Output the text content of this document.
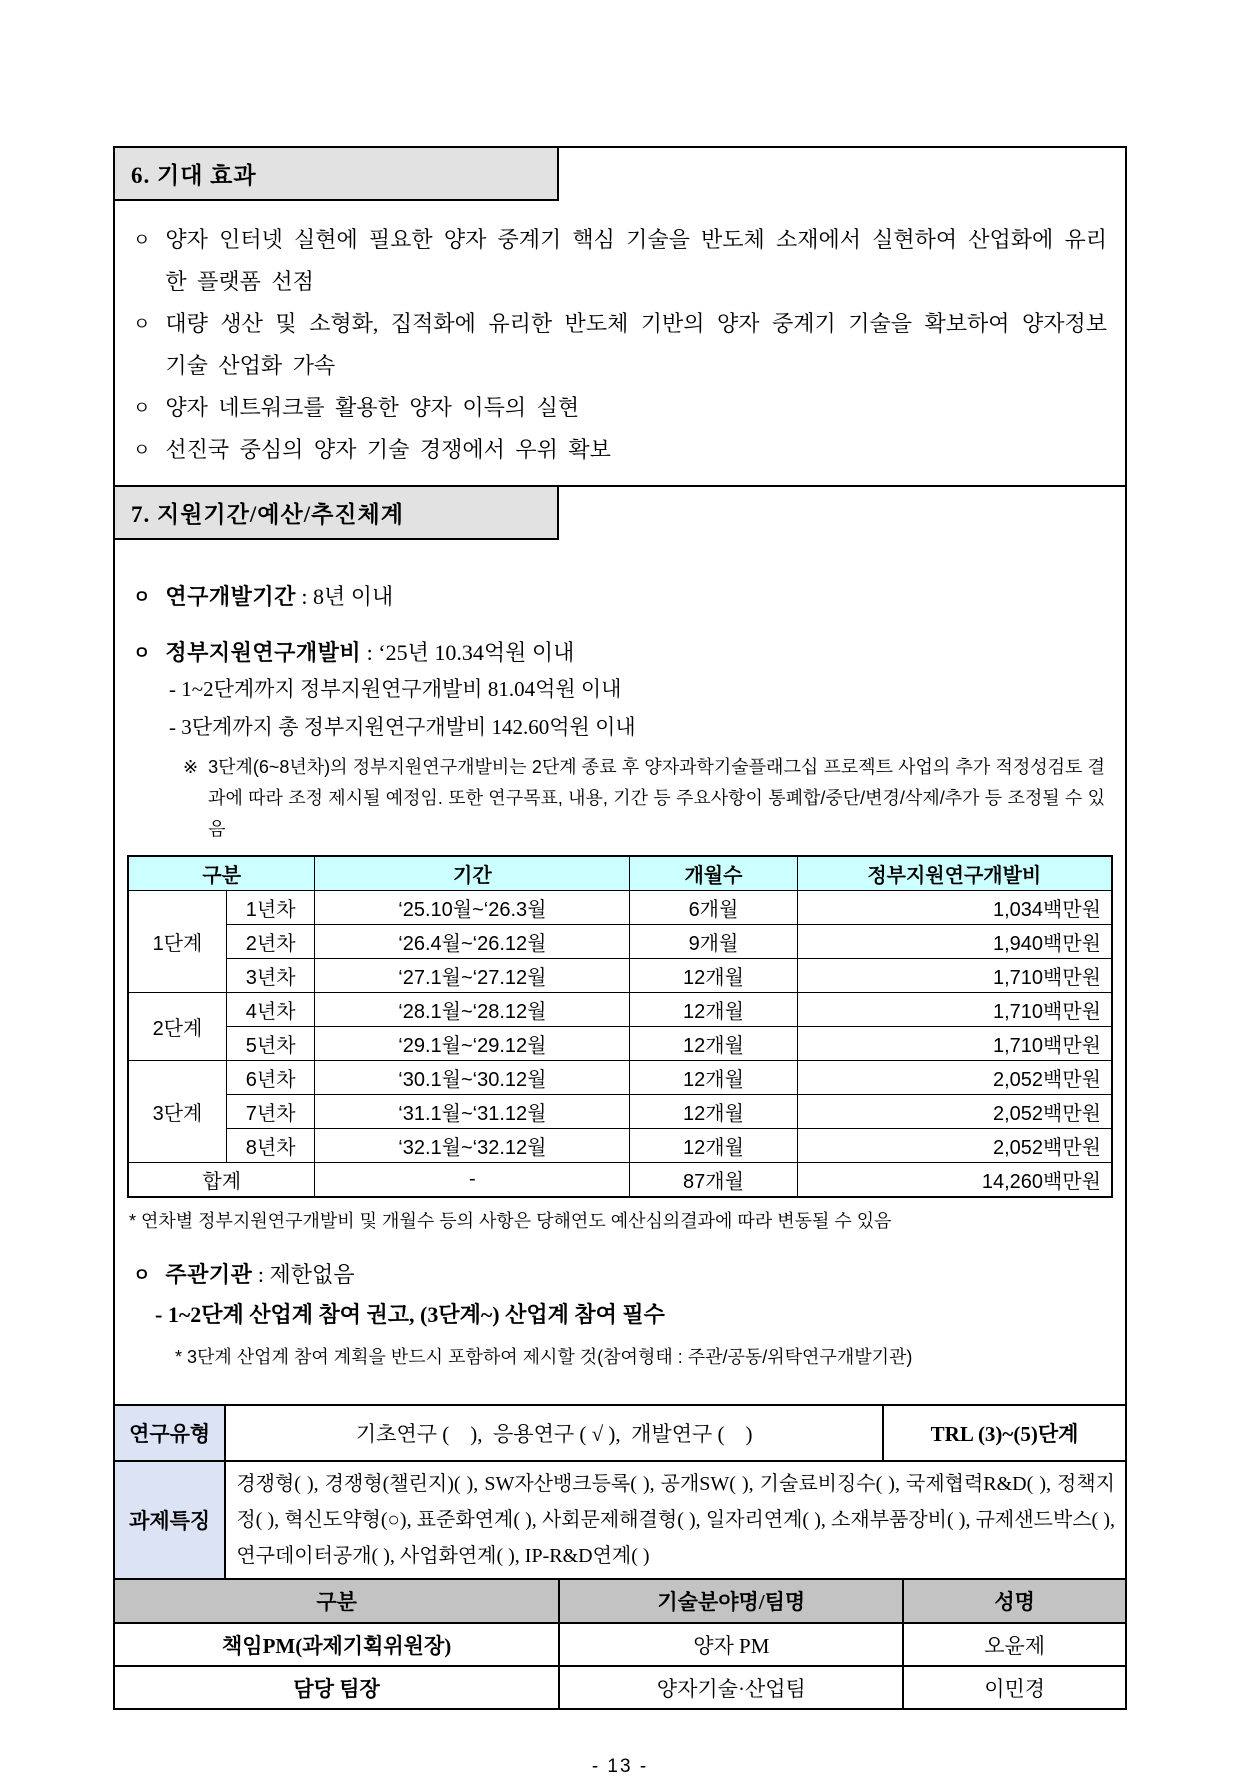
6. 기대 효과
ㅇ 양자 인터넷 실현에 필요한 양자 중계기 핵심 기술을 반도체 소재에서 실현하여 산업화에 유리한 플랫폼 선점
ㅇ 대량 생산 및 소형화, 집적화에 유리한 반도체 기반의 양자 중계기 기술을 확보하여 양자정보 기술 산업화 가속
ㅇ 양자 네트워크를 활용한 양자 이득의 실현
ㅇ 선진국 중심의 양자 기술 경쟁에서 우위 확보
7. 지원기간/예산/추진체계
ㅇ 연구개발기간 : 8년 이내
ㅇ 정부지원연구개발비 : ‘25년 10.34억원 이내
- 1~2단계까지 정부지원연구개발비 81.04억원 이내
- 3단계까지 총 정부지원연구개발비 142.60억원 이내
※ 3단계(6~8년차)의 정부지원연구개발비는 2단계 종료 후 양자과학기술플래그십 프로젝트 사업의 추가 적정성검토 결과에 따라 조정 제시될 예정임. 또한 연구목표, 내용, 기간 등 주요사항이 통폐합/중단/변경/삭제/추가 등 조정될 수 있음
구분		기간	개월수	정부지원연구개발비
1단계	1년차	‘25.10월~‘26.3월	6개월	1,034백만원
	2년차	‘26.4월~‘26.12월	9개월	1,940백만원
	3년차	‘27.1월~‘27.12월	12개월	1,710백만원
2단계	4년차	‘28.1월~‘28.12월	12개월	1,710백만원
	5년차	‘29.1월~‘29.12월	12개월	1,710백만원
3단계	6년차	‘30.1월~‘30.12월	12개월	2,052백만원
	7년차	‘31.1월~‘31.12월	12개월	2,052백만원
	8년차	‘32.1월~‘32.12월	12개월	2,052백만원
합계		-	87개월	14,260백만원
* 연차별 정부지원연구개발비 및 개월수 등의 사항은 당해연도 예산심의결과에 따라 변동될 수 있음
ㅇ 주관기관 : 제한없음
- 1~2단계 산업계 참여 권고, (3단계~) 산업계 참여 필수
* 3단계 산업계 참여 계획을 반드시 포함하여 제시할 것(참여형태 : 주관/공동/위탁연구개발기관)
연구유형	기초연구 (    ),  응용연구 ( √ ),  개발연구 (    )	TRL (3)~(5)단계
과제특징	경쟁형( ), 경쟁형(챌린지)( ), SW자산뱅크등록( ), 공개SW( ), 기술료비징수( ), 국제협력R&D( ), 정책지정( ), 혁신도약형(○), 표준화연계( ), 사회문제해결형( ), 일자리연계( ), 소재부품장비( ), 규제샌드박스( ), 연구데이터공개( ), 사업화연계( ), IP-R&D연계( )	
구분	기술분야명/팀명	성명
책임PM(과제기획위원장)	양자 PM	오윤제
담당 팀장	양자기술·산업팀	이민경
- 13 -
